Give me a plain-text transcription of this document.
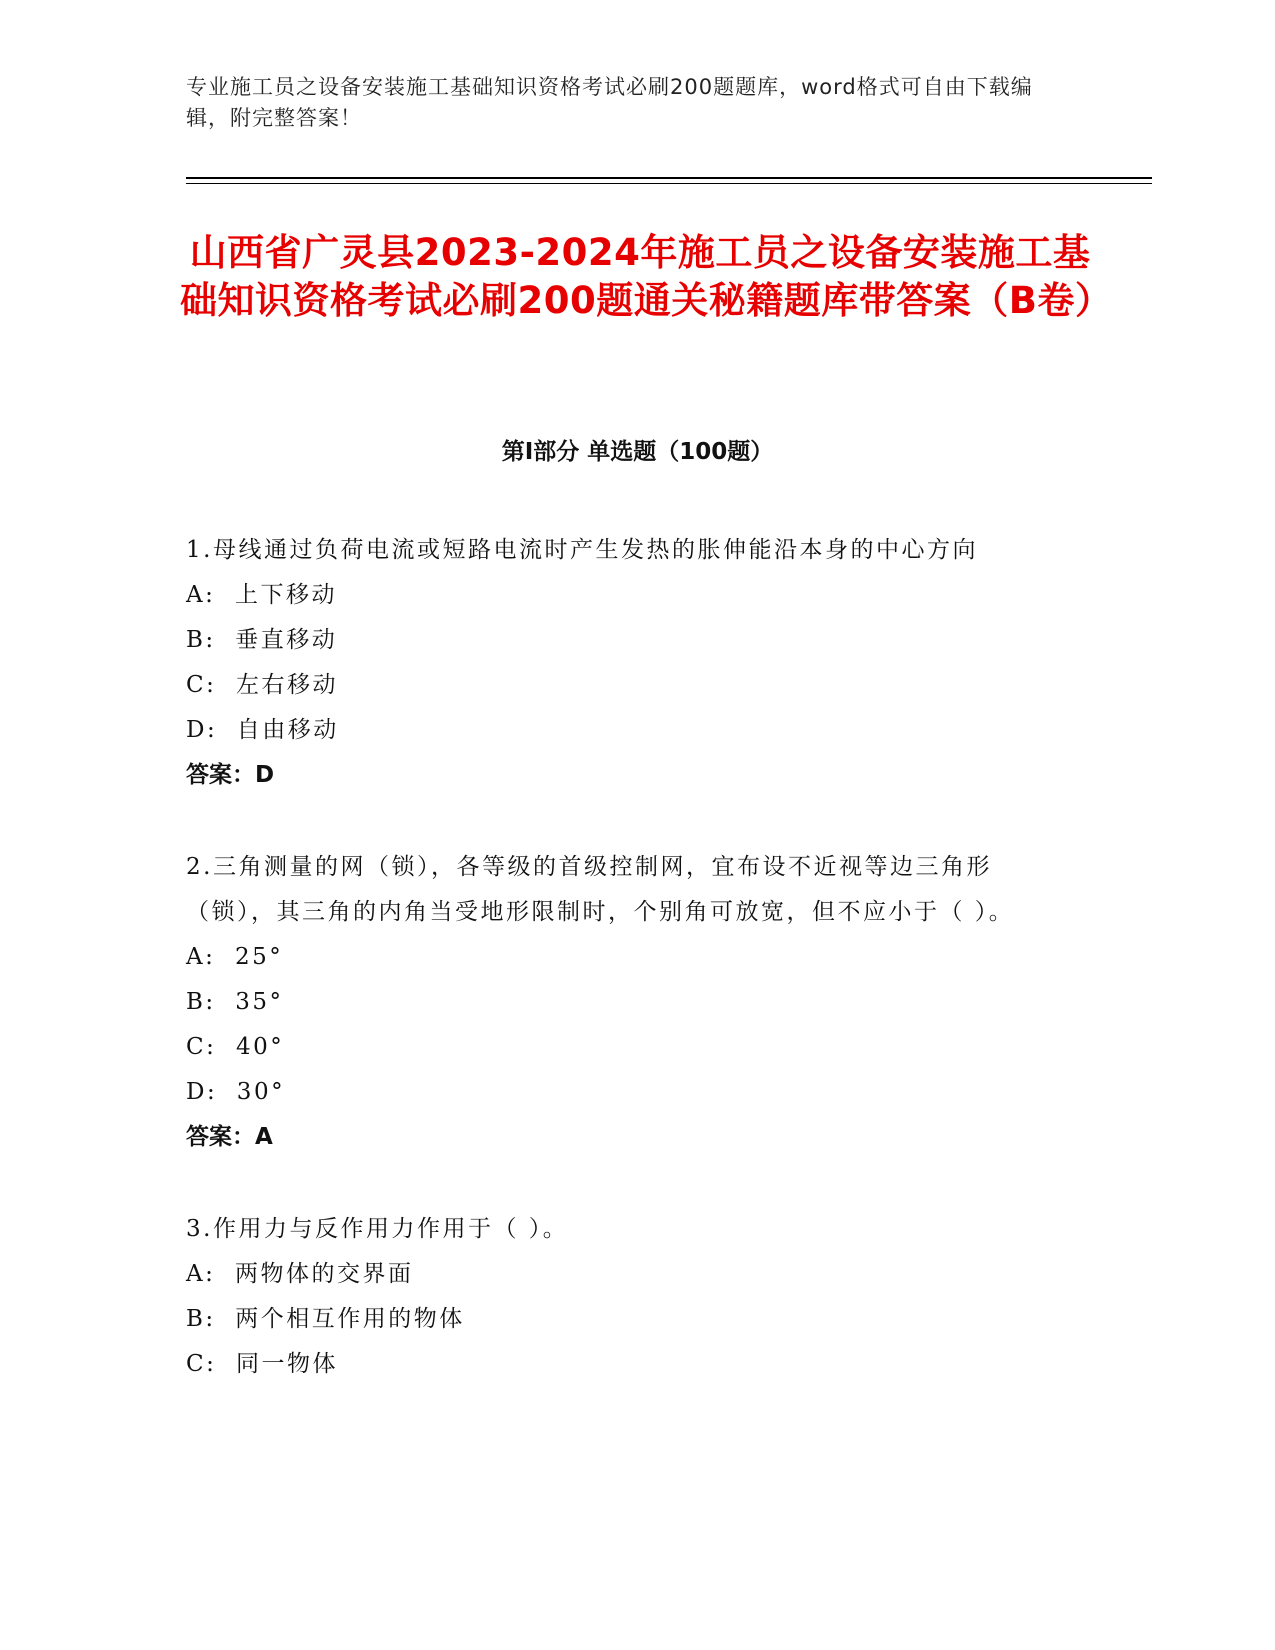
专业施工员之设备安装施工基础知识资格考试必刷200题题库，word格式可自由下载编辑，附完整答案！
山西省广灵县2023-2024年施工员之设备安装施工基础知识资格考试必刷200题通关秘籍题库带答案（B卷）
第Ⅰ部分 单选题（100题）
1.母线通过负荷电流或短路电流时产生发热的胀伸能沿本身的中心方向
A:  上下移动
B:  垂直移动
C:  左右移动
D:  自由移动
答案：D
2.三角测量的网（锁），各等级的首级控制网，宜布设不近视等边三角形（锁），其三角的内角当受地形限制时，个别角可放宽，但不应小于（ ）。
A:  25°
B:  35°
C:  40°
D:  30°
答案：A
3.作用力与反作用力作用于（ ）。
A:  两物体的交界面
B:  两个相互作用的物体
C:  同一物体
